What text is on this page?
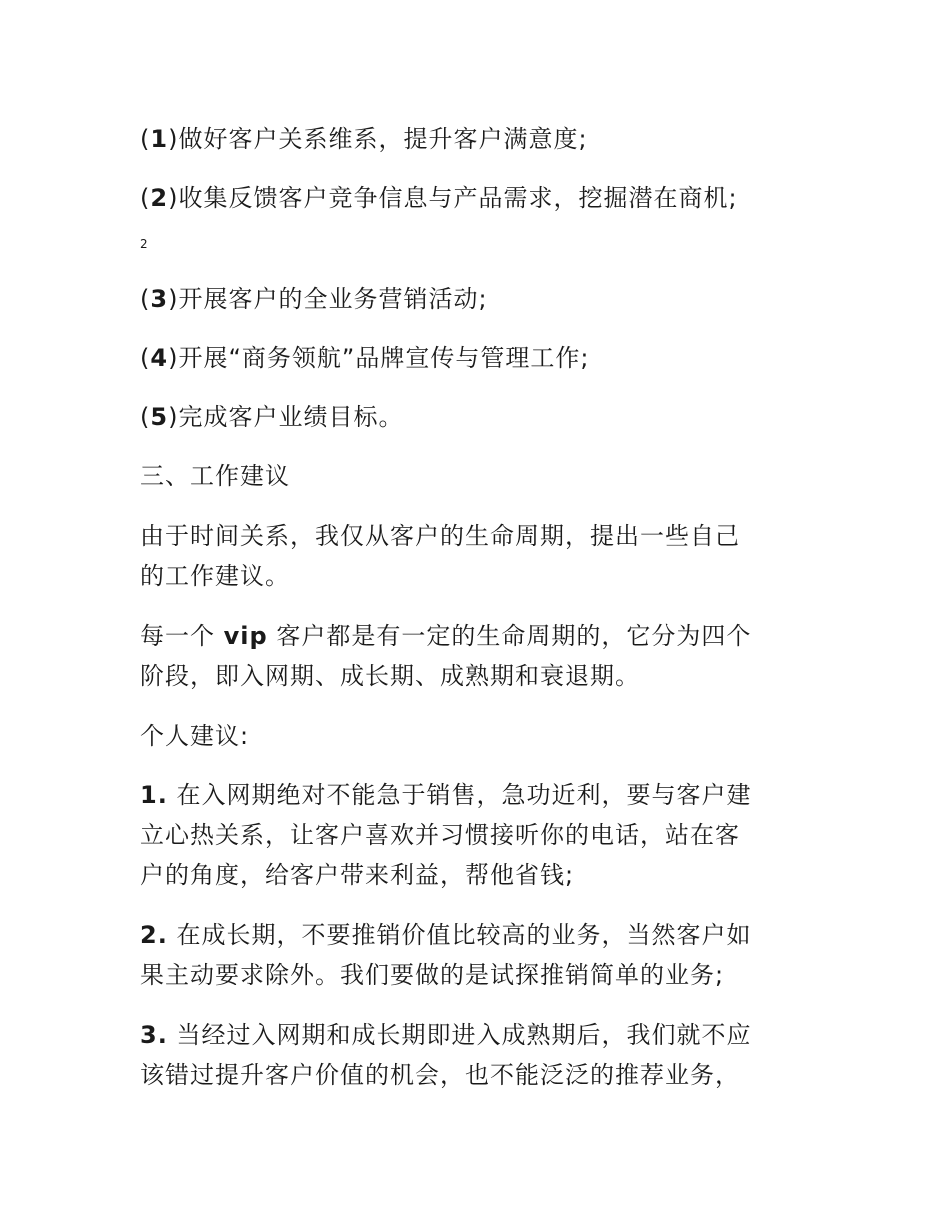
(1)做好客户关系维系，提升客户满意度;

(2)收集反馈客户竞争信息与产品需求，挖掘潜在商机;

2

(3)开展客户的全业务营销活动;

(4)开展“商务领航”品牌宣传与管理工作;

(5)完成客户业绩目标。

三、工作建议

由于时间关系，我仅从客户的生命周期，提出一些自己

的工作建议。

每一个 vip 客户都是有一定的生命周期的，它分为四个

阶段，即入网期、成长期、成熟期和衰退期。

个人建议:

1. 在入网期绝对不能急于销售，急功近利，要与客户建

立心热关系，让客户喜欢并习惯接听你的电话，站在客

户的角度，给客户带来利益，帮他省钱;

2. 在成长期，不要推销价值比较高的业务，当然客户如

果主动要求除外。我们要做的是试探推销简单的业务;

3. 当经过入网期和成长期即进入成熟期后，我们就不应

该错过提升客户价值的机会，也不能泛泛的推荐业务，
